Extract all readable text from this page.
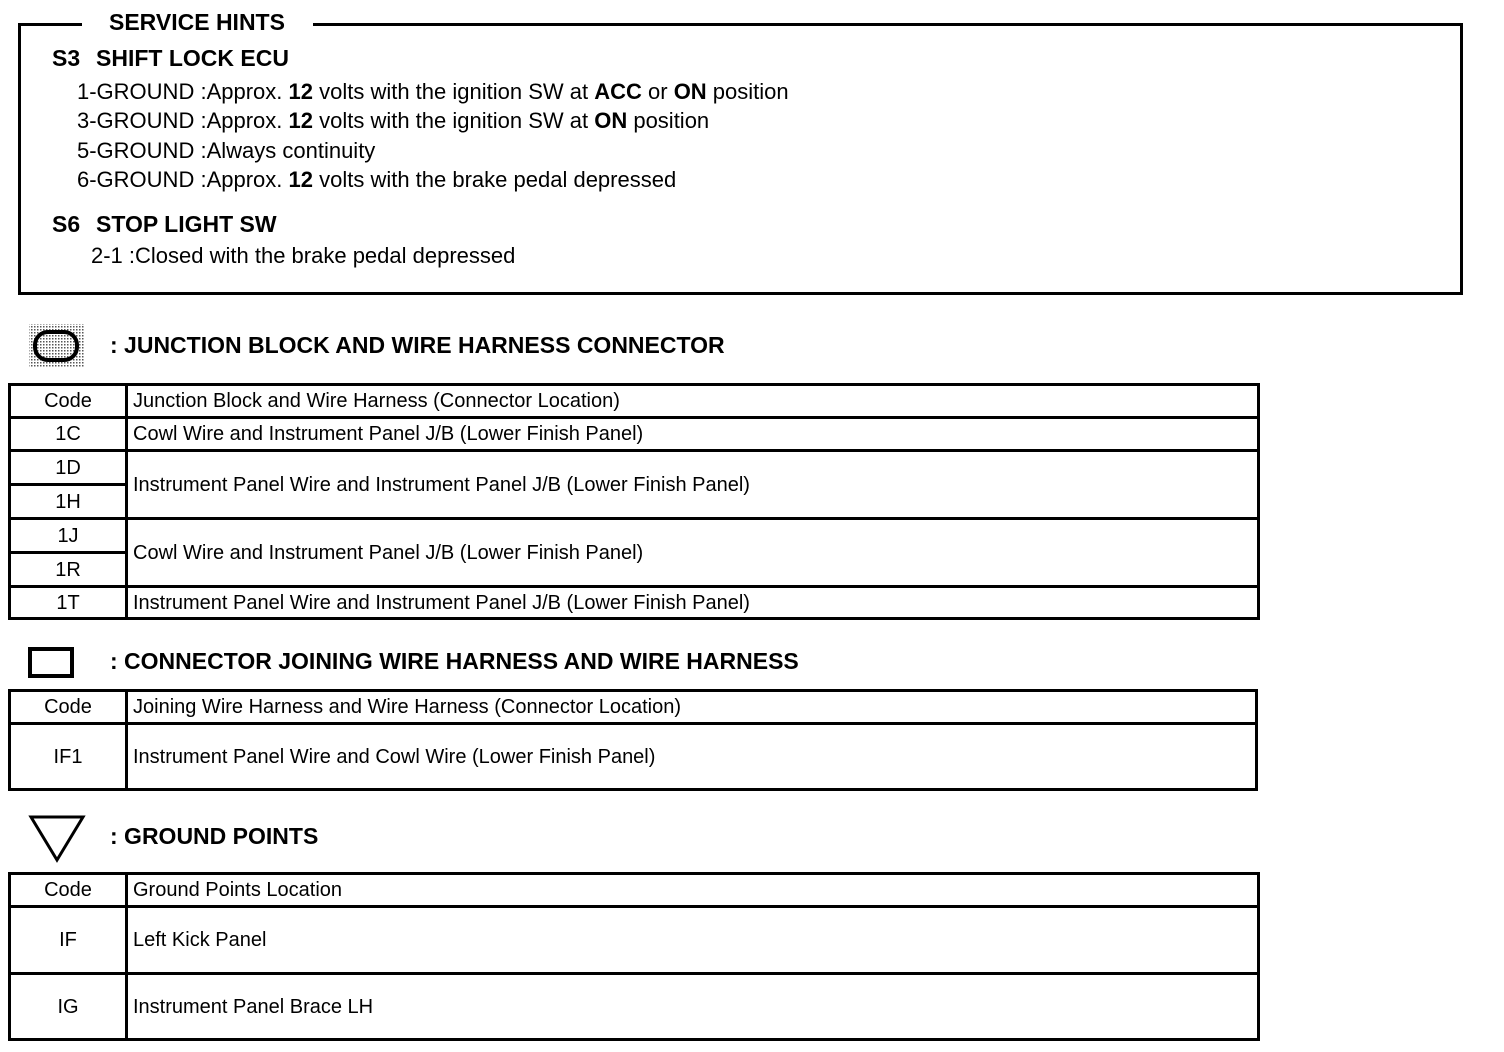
SERVICE HINTS
S3 SHIFT LOCK ECU
1-GROUND :Approx. 12 volts with the ignition SW at ACC or ON position
3-GROUND :Approx. 12 volts with the ignition SW at ON position
5-GROUND :Always continuity
6-GROUND :Approx. 12 volts with the brake pedal depressed
S6 STOP LIGHT SW
2-1 :Closed with the brake pedal depressed
: JUNCTION BLOCK AND WIRE HARNESS CONNECTOR
Code	Junction Block and Wire Harness (Connector Location)
1C	Cowl Wire and Instrument Panel J/B (Lower Finish Panel)
1D	Instrument Panel Wire and Instrument Panel J/B (Lower Finish Panel)
1H	
1J	Cowl Wire and Instrument Panel J/B (Lower Finish Panel)
1R	
1T	Instrument Panel Wire and Instrument Panel J/B (Lower Finish Panel)
: CONNECTOR JOINING WIRE HARNESS AND WIRE HARNESS
Code	Joining Wire Harness and Wire Harness (Connector Location)
IF1	Instrument Panel Wire and Cowl Wire (Lower Finish Panel)
: GROUND POINTS
Code	Ground Points Location
IF	Left Kick Panel
IG	Instrument Panel Brace LH
